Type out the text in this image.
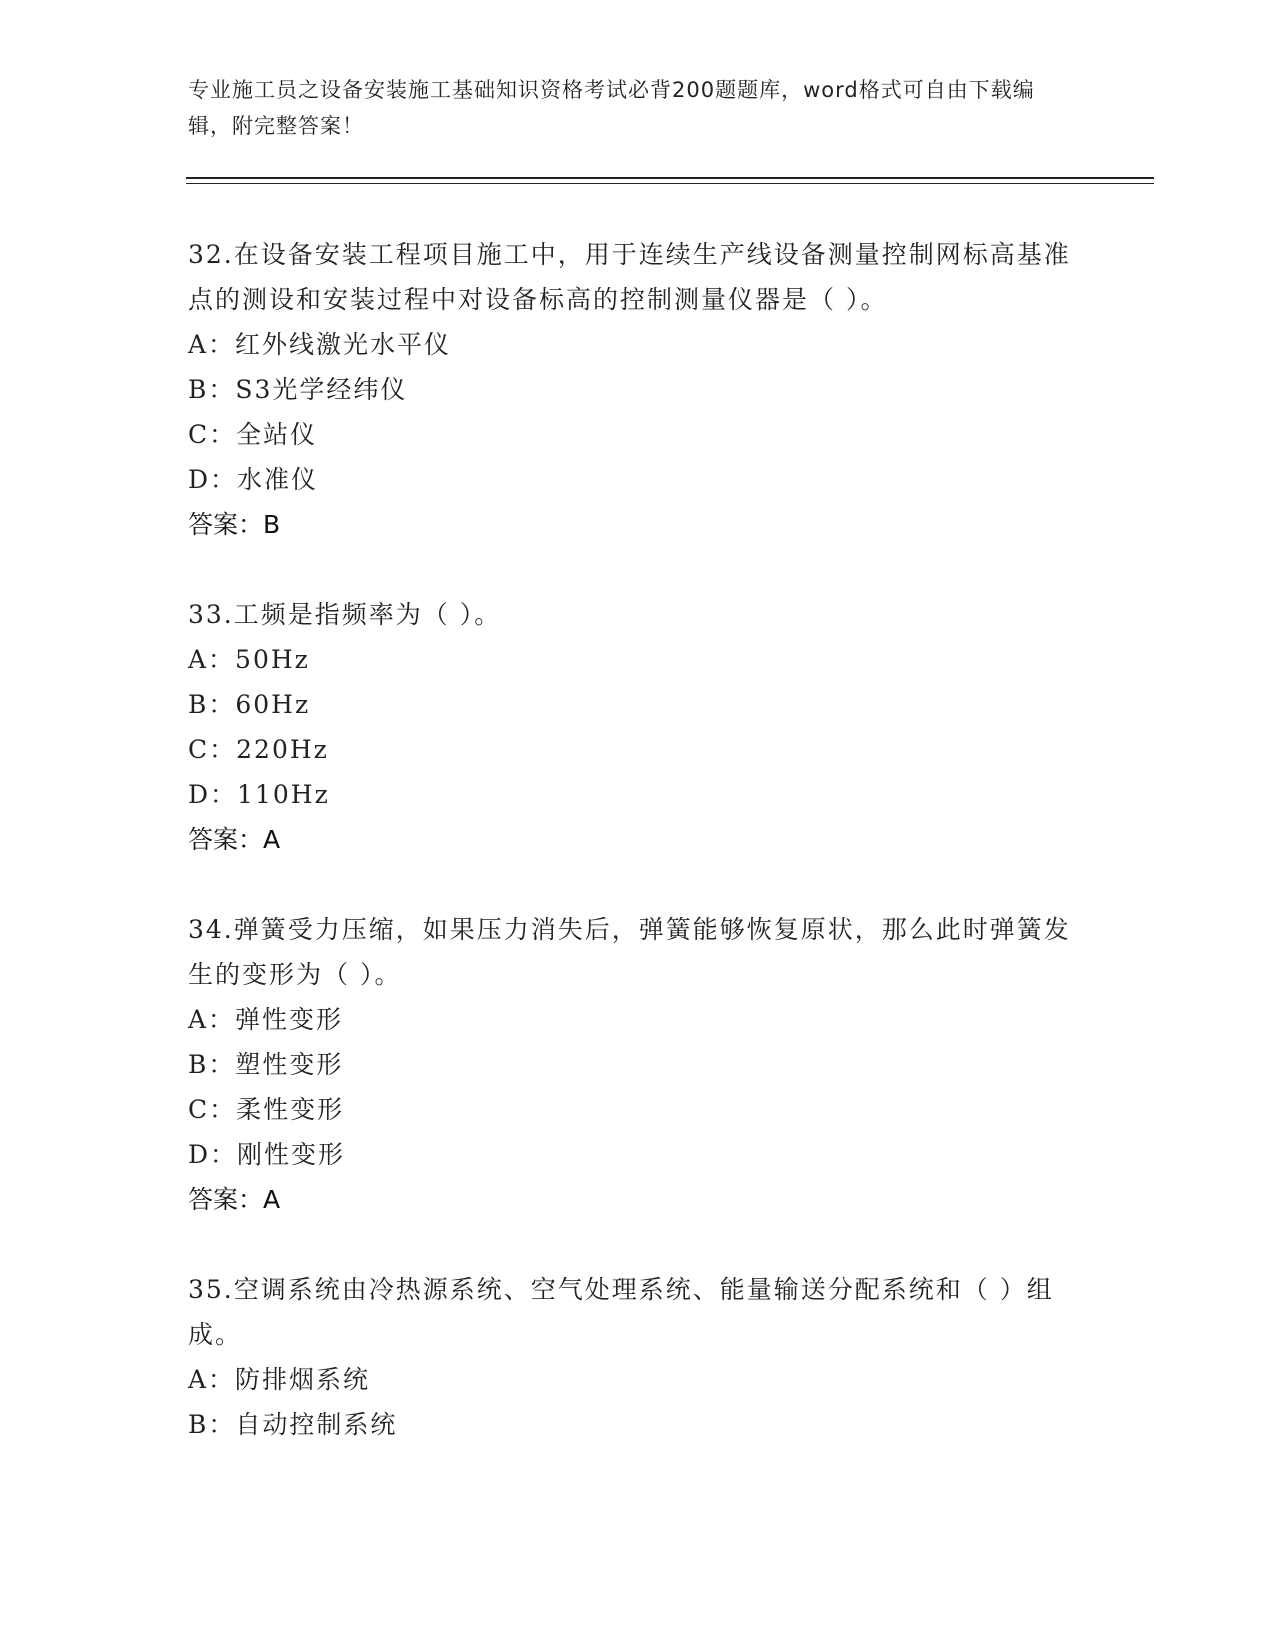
专业施工员之设备安装施工基础知识资格考试必背200题题库，word格式可自由下载编辑，附完整答案！
32.在设备安装工程项目施工中，用于连续生产线设备测量控制网标高基准点的测设和安装过程中对设备标高的控制测量仪器是（ ）。
A：红外线激光水平仪
B：S3光学经纬仪
C：全站仪
D：水准仪
答案：B
33.工频是指频率为（ ）。
A：50Hz
B：60Hz
C：220Hz
D：110Hz
答案：A
34.弹簧受力压缩，如果压力消失后，弹簧能够恢复原状，那么此时弹簧发生的变形为（ ）。
A：弹性变形
B：塑性变形
C：柔性变形
D：刚性变形
答案：A
35.空调系统由冷热源系统、空气处理系统、能量输送分配系统和（ ）组成。
A：防排烟系统
B：自动控制系统
